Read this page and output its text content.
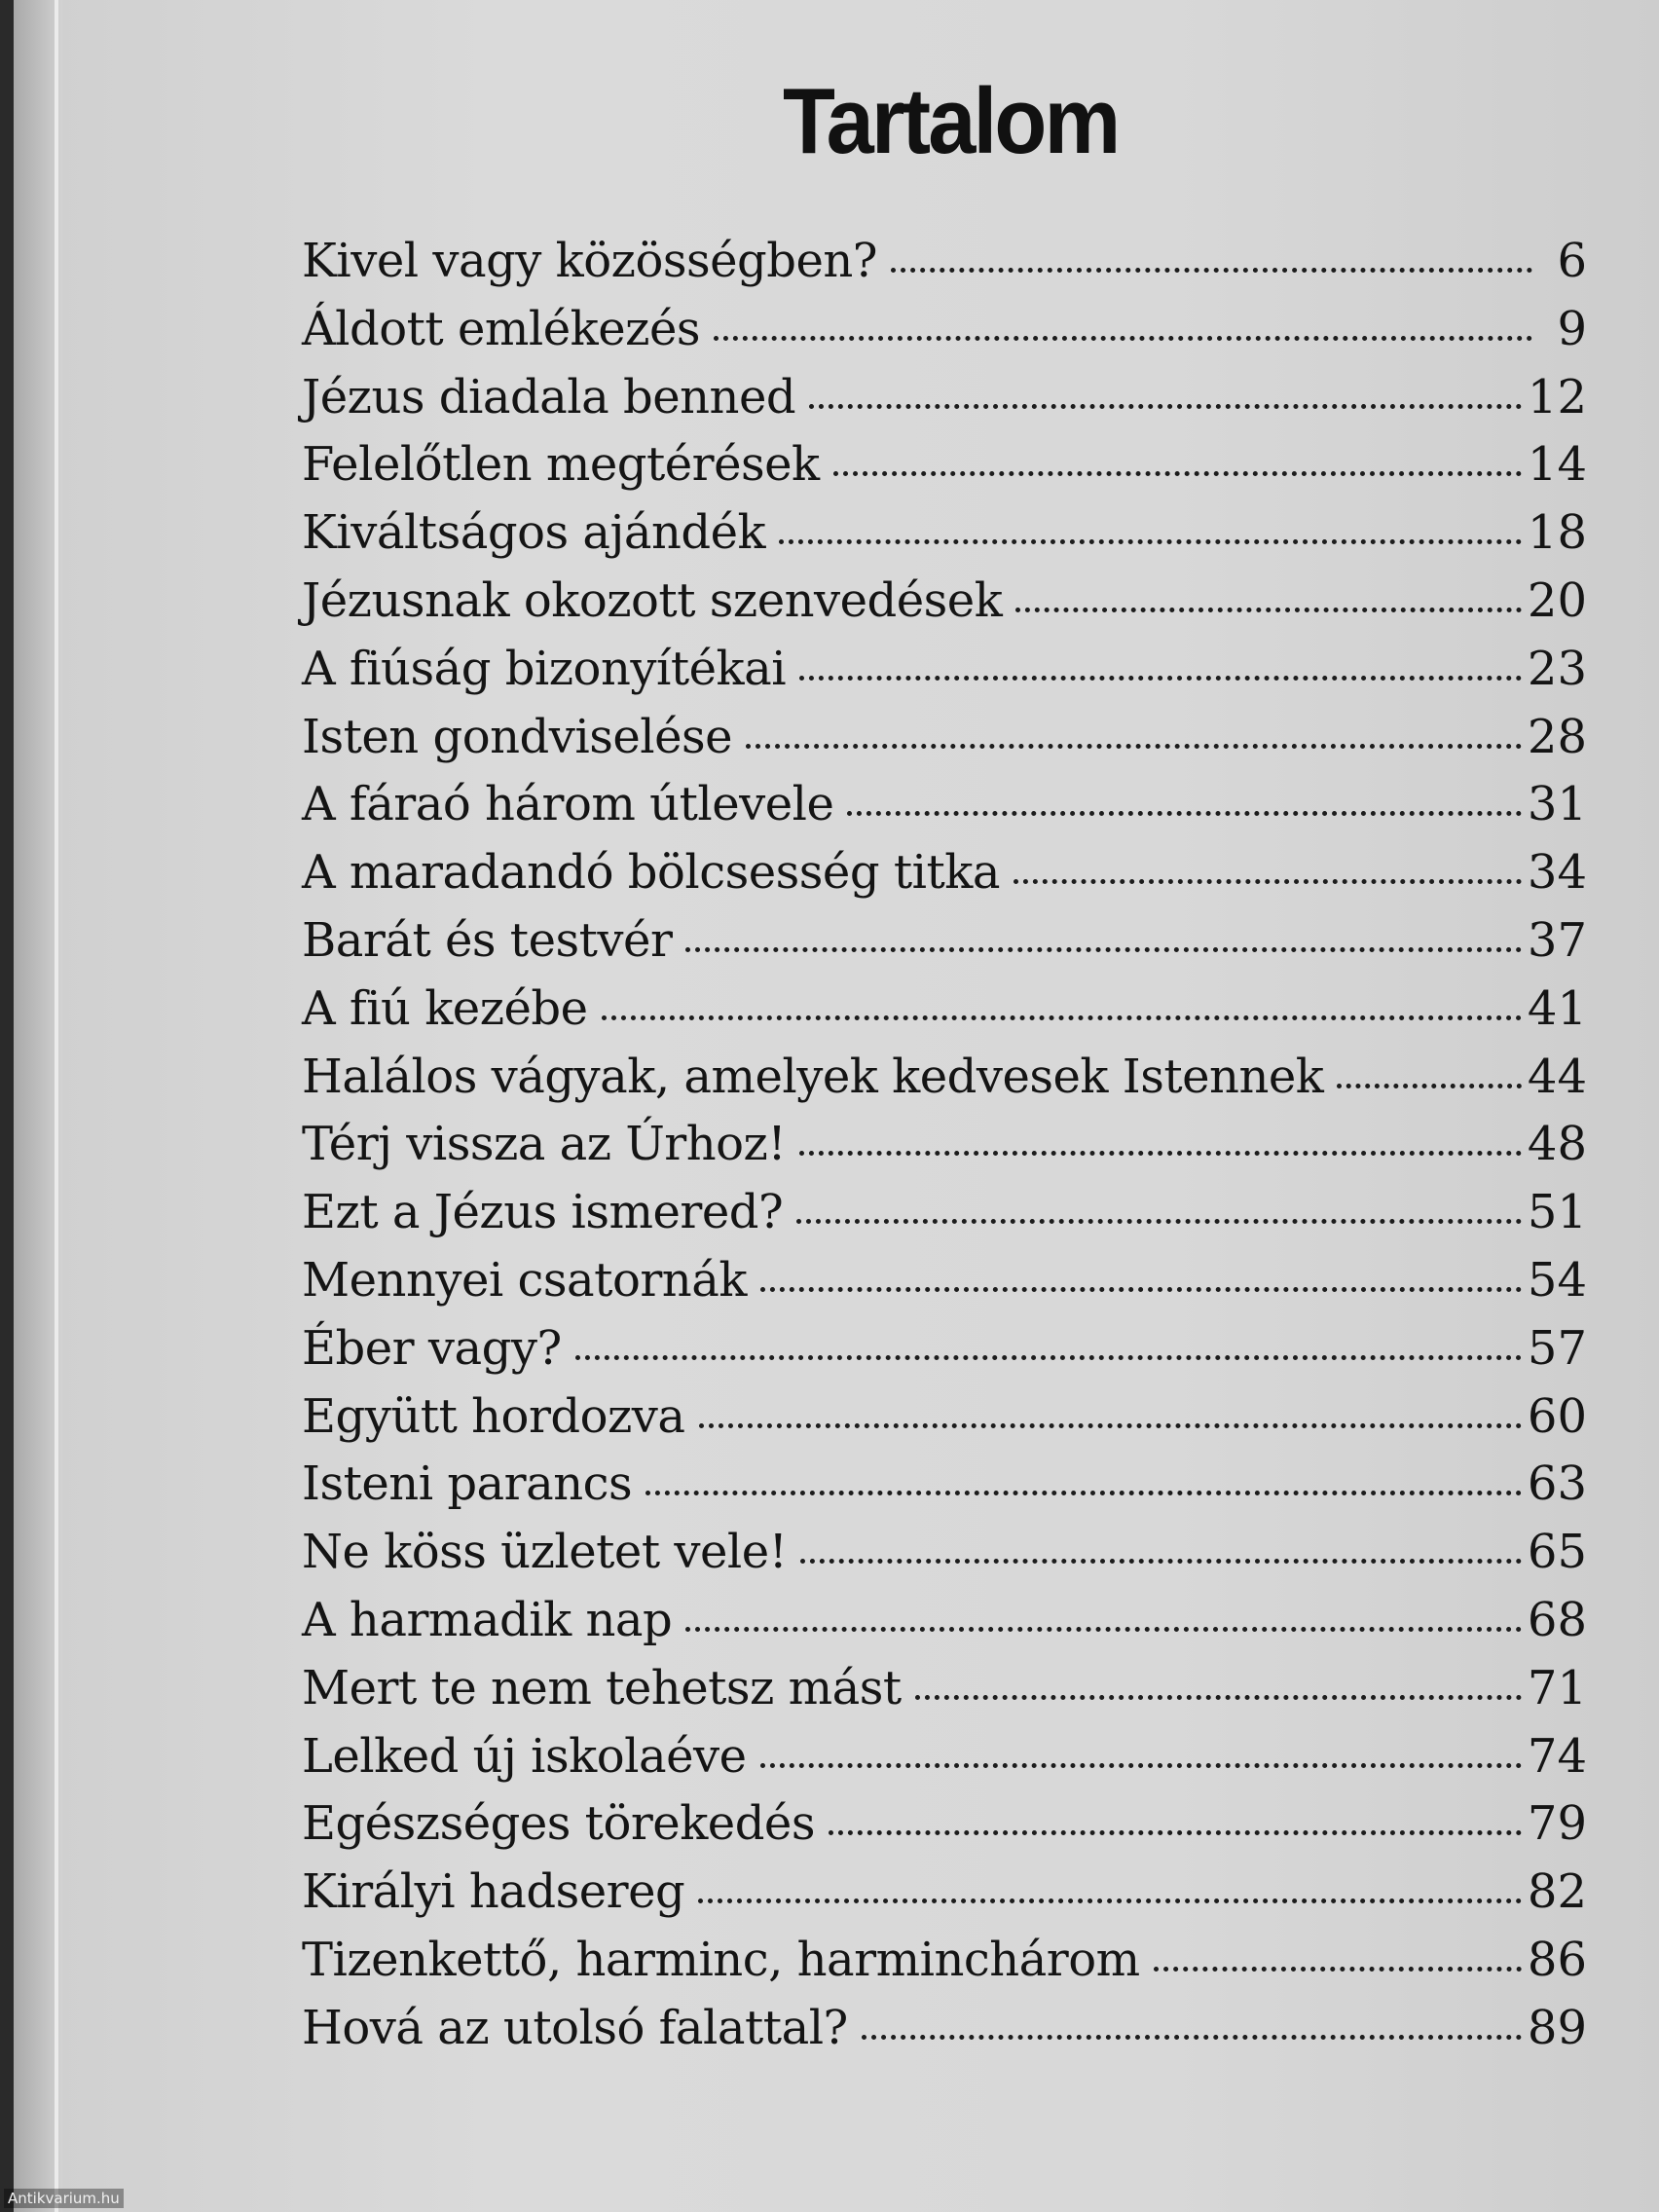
Tartalom
Kivel vagy közösségben?	6
Áldott emlékezés	9
Jézus diadala benned	12
Felelőtlen megtérések	14
Kiváltságos ajándék	18
Jézusnak okozott szenvedések	20
A fiúság bizonyítékai	23
Isten gondviselése	28
A fáraó három útlevele	31
A maradandó bölcsesség titka	34
Barát és testvér	37
A fiú kezébe	41
Halálos vágyak, amelyek kedvesek Istennek	44
Térj vissza az Úrhoz!	48
Ezt a Jézus ismered?	51
Mennyei csatornák	54
Éber vagy?	57
Együtt hordozva	60
Isteni parancs	63
Ne köss üzletet vele!	65
A harmadik nap	68
Mert te nem tehetsz mást	71
Lelked új iskolaéve	74
Egészséges törekedés	79
Királyi hadsereg	82
Tizenkettő, harminc, harminchárom	86
Hová az utolsó falattal?	89
Antikvarium.hu
